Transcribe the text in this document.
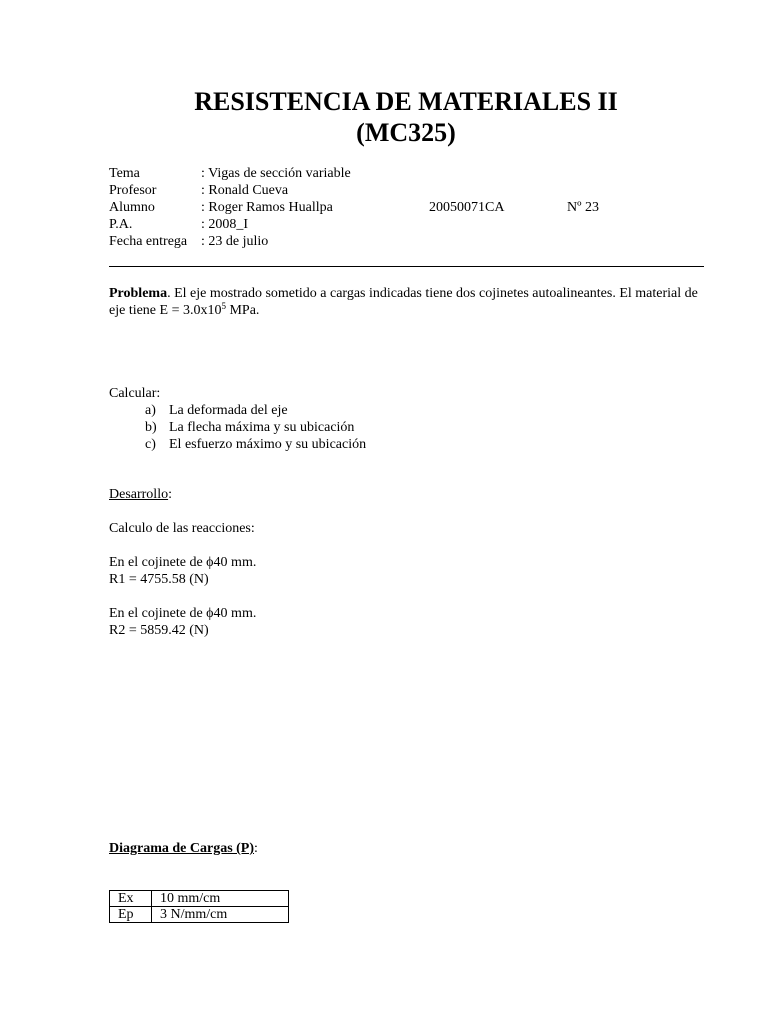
RESISTENCIA DE MATERIALES II
(MC325)
Tema	: Vigas de sección variable
Profesor	: Ronald Cueva
Alumno	: Roger Ramos Huallpa	20050071CA	Nº 23
P.A.	: 2008_I
Fecha entrega : 23 de julio
Problema. El eje mostrado sometido a cargas indicadas tiene dos cojinetes autoalineantes. El material de eje tiene $E = 3.0x10^5$ MPa.
Calcular:
a) La deformada del eje
b) La flecha máxima y su ubicación
c) El esfuerzo máximo y su ubicación
Desarrollo:
Calculo de las reacciones:
En el cojinete de ϕ40 mm.
R1 = 4755.58 (N)
En el cojinete de ϕ40 mm.
R2 = 5859.42 (N)
Diagrama de Cargas (P):
Ex	10 mm/cm
Ep	3 N/mm/cm
